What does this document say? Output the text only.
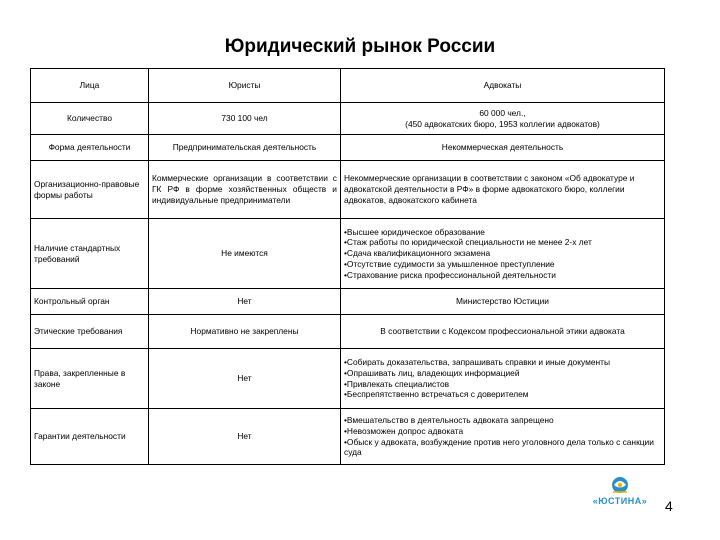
Юридический рынок России
Лица	Юристы	Адвокаты
Количество	730 100 чел	60 000 чел.,
(450 адвокатских бюро, 1953 коллегии адвокатов)

Форма деятельности	Предпринимательская деятельность	Некоммерческая деятельность
Организационно-правовые формы работы	Коммерческие организации в соответствии с ГК РФ в форме хозяйственных обществ и индивидуальные предприниматели	Некоммерческие организации в соответствии с законом «Об адвокатуре и адвокатской деятельности в РФ» в форме адвокатского бюро, коллегии адвокатов, адвокатского кабинета
Наличие стандартных требований	Не имеются	•Высшее юридическое образование
•Стаж работы по юридической специальности не менее 2-х лет
•Сдача квалификационного экзамена
•Отсутствие судимости за умышленное преступление
•Страхование риска профессиональной деятельности

Контрольный орган	Нет	Министерство Юстиции
Этические требования	Нормативно не закреплены	В соответствии с Кодексом профессиональной этики адвоката
Права, закрепленные в законе	Нет	•Собирать доказательства, запрашивать справки и иные документы
•Опрашивать лиц, владеющих информацией
•Привлекать специалистов
•Беспрепятственно встречаться с доверителем

Гарантии деятельности	Нет	•Вмешательство в деятельность адвоката запрещено
•Невозможен допрос адвоката
•Обыск у адвоката, возбуждение против него уголовного дела только с санкции суда
«ЮСТИНА»	4
